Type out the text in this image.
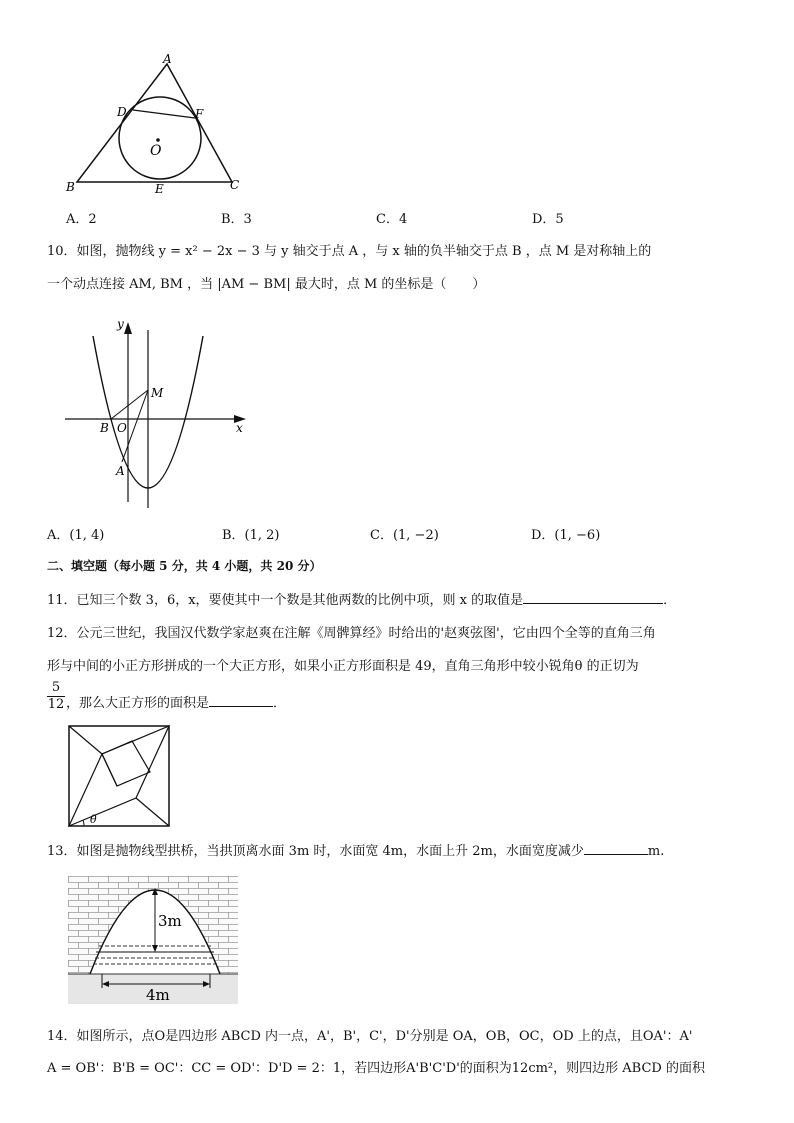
A
B	C
D
E
F
O
A．2	B．3	C．4	D．5
10．如图，抛物线 y = x² − 2x − 3 与 y 轴交于点 A ，与 x 轴的负半轴交于点 B ，点 M 是对称轴上的
一个动点连接 AM, BM ，当 |AM − BM| 最大时，点 M 的坐标是（　　）
y
x
M
B O
A
A．(1, 4)	B．(1, 2)	C．(1, −2)	D．(1, −6)
二、填空题（每小题 5 分，共 4 小题，共 20 分）
11．已知三个数 3，6，x，要使其中一个数是其他两数的比例中项，则 x 的取值是	．
12．公元三世纪，我国汉代数学家赵爽在注解《周髀算经》时给出的'赵爽弦图'，它由四个全等的直角三角
形与中间的小正方形拼成的一个大正方形，如果小正方形面积是 49，直角三角形中较小锐角θ 的正切为
$\frac{5}{12}$ ，那么大正方形的面积是	．
θ
13．如图是抛物线型拱桥，当拱顶离水面 3m 时，水面宽 4m，水面上升 2m，水面宽度减少	m.
3m
4m
14．如图所示，点O是四边形 ABCD 内一点，A'，B'，C'，D'分别是 OA，OB，OC，OD 上的点，且OA'：A'
A = OB'：B'B = OC'：CC = OD'：D'D = 2：1，若四边形A'B'C'D'的面积为12cm²，则四边形 ABCD 的面积
